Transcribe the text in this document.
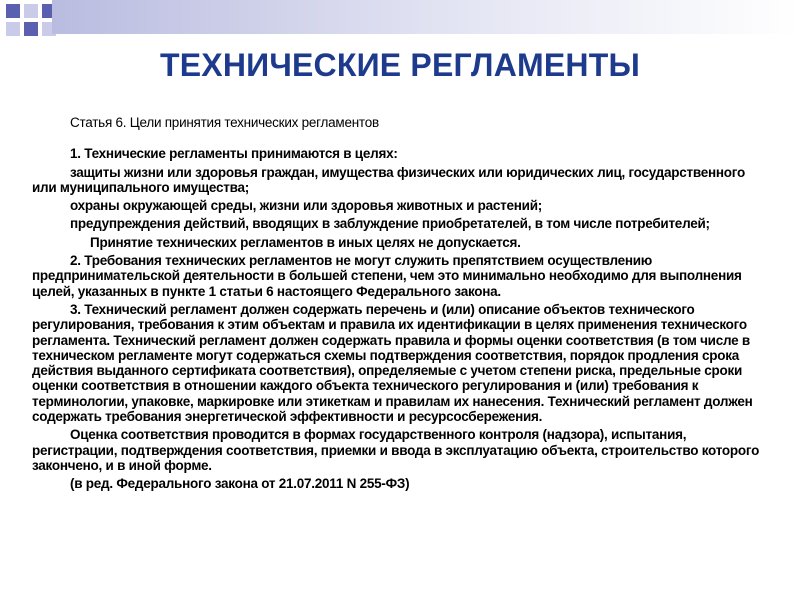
ТЕХНИЧЕСКИЕ РЕГЛАМЕНТЫ

Статья 6. Цели принятия технических регламентов

1. Технические регламенты принимаются в целях:

защиты жизни или здоровья граждан, имущества физических или юридических лиц, государственного или муниципального имущества;

охраны окружающей среды, жизни или здоровья животных и растений;

предупреждения действий, вводящих в заблуждение приобретателей, в том числе потребителей;

Принятие технических регламентов в иных целях не допускается.

2. Требования технических регламентов не могут служить препятствием осуществлению предпринимательской деятельности в большей степени, чем это минимально необходимо для выполнения целей, указанных в пункте 1 статьи 6 настоящего Федерального закона.

3. Технический регламент должен содержать перечень и (или) описание объектов технического регулирования, требования к этим объектам и правила их идентификации в целях применения технического регламента. Технический регламент должен содержать правила и формы оценки соответствия (в том числе в техническом регламенте могут содержаться схемы подтверждения соответствия, порядок продления срока действия выданного сертификата соответствия), определяемые с учетом степени риска, предельные сроки оценки соответствия в отношении каждого объекта технического регулирования и (или) требования к терминологии, упаковке, маркировке или этикеткам и правилам их нанесения. Технический регламент должен содержать требования энергетической эффективности и ресурсосбережения.

Оценка соответствия проводится в формах государственного контроля (надзора), испытания, регистрации, подтверждения соответствия, приемки и ввода в эксплуатацию объекта, строительство которого закончено, и в иной форме.

(в ред. Федерального закона от 21.07.2011 N 255-ФЗ)
